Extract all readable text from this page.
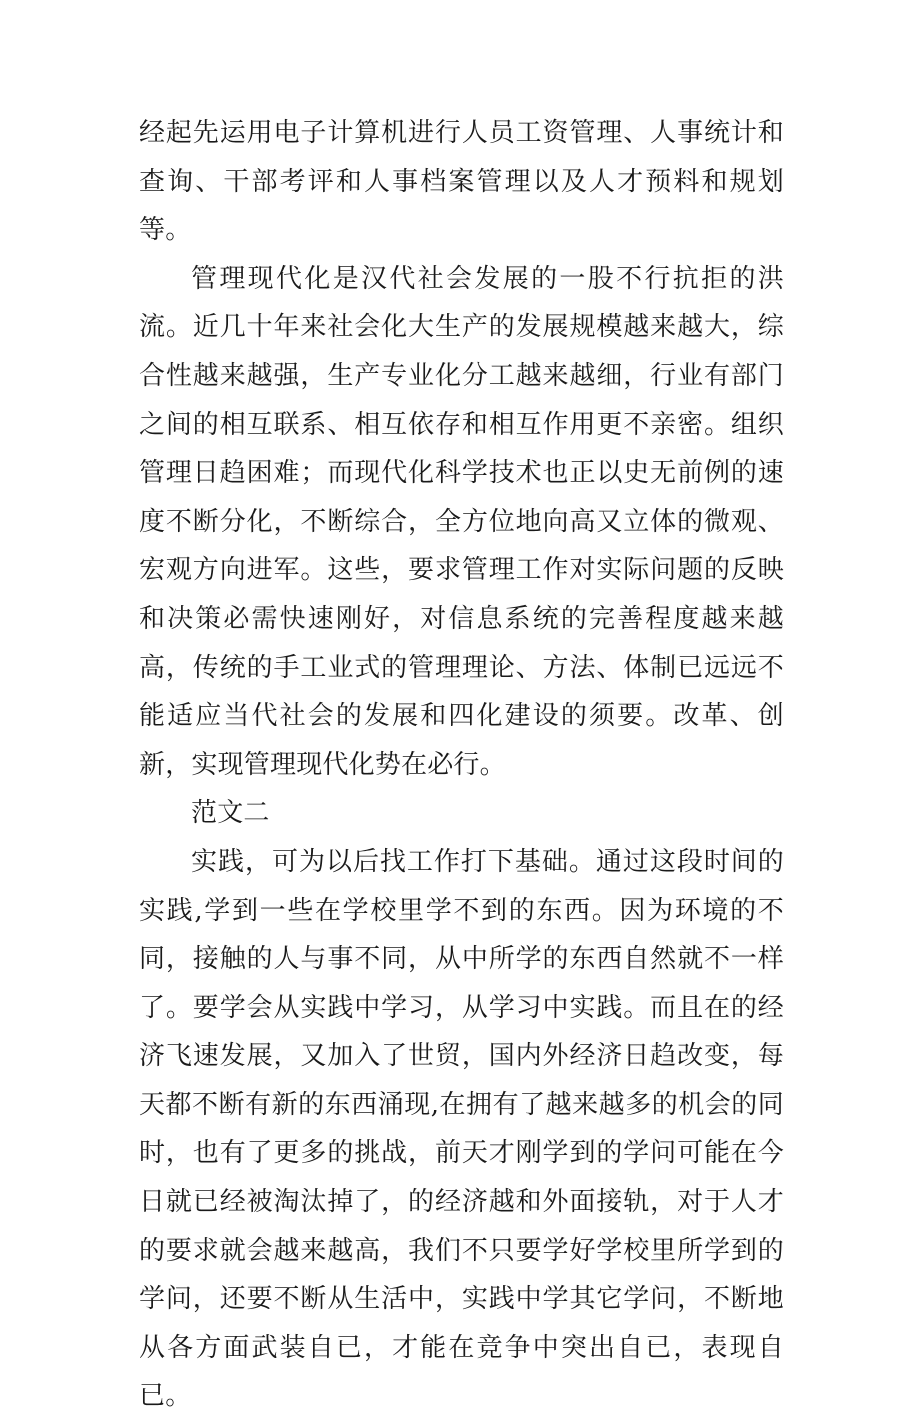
经起先运用电子计算机进行人员工资管理、人事统计和查询、干部考评和人事档案管理以及人才预料和规划等。

管理现代化是汉代社会发展的一股不行抗拒的洪流。近几十年来社会化大生产的发展规模越来越大，综合性越来越强，生产专业化分工越来越细，行业有部门之间的相互联系、相互依存和相互作用更不亲密。组织管理日趋困难；而现代化科学技术也正以史无前例的速度不断分化，不断综合，全方位地向高又立体的微观、宏观方向进军。这些，要求管理工作对实际问题的反映和决策必需快速刚好，对信息系统的完善程度越来越高，传统的手工业式的管理理论、方法、体制已远远不能适应当代社会的发展和四化建设的须要。改革、创新，实现管理现代化势在必行。

范文二

实践，可为以后找工作打下基础。通过这段时间的实践,学到一些在学校里学不到的东西。因为环境的不同，接触的人与事不同，从中所学的东西自然就不一样了。要学会从实践中学习，从学习中实践。而且在的经济飞速发展，又加入了世贸，国内外经济日趋改变，每天都不断有新的东西涌现,在拥有了越来越多的机会的同时，也有了更多的挑战，前天才刚学到的学问可能在今日就已经被淘汰掉了，的经济越和外面接轨，对于人才的要求就会越来越高，我们不只要学好学校里所学到的学问，还要不断从生活中，实践中学其它学问，不断地从各方面武装自已，才能在竞争中突出自已，表现自已。
